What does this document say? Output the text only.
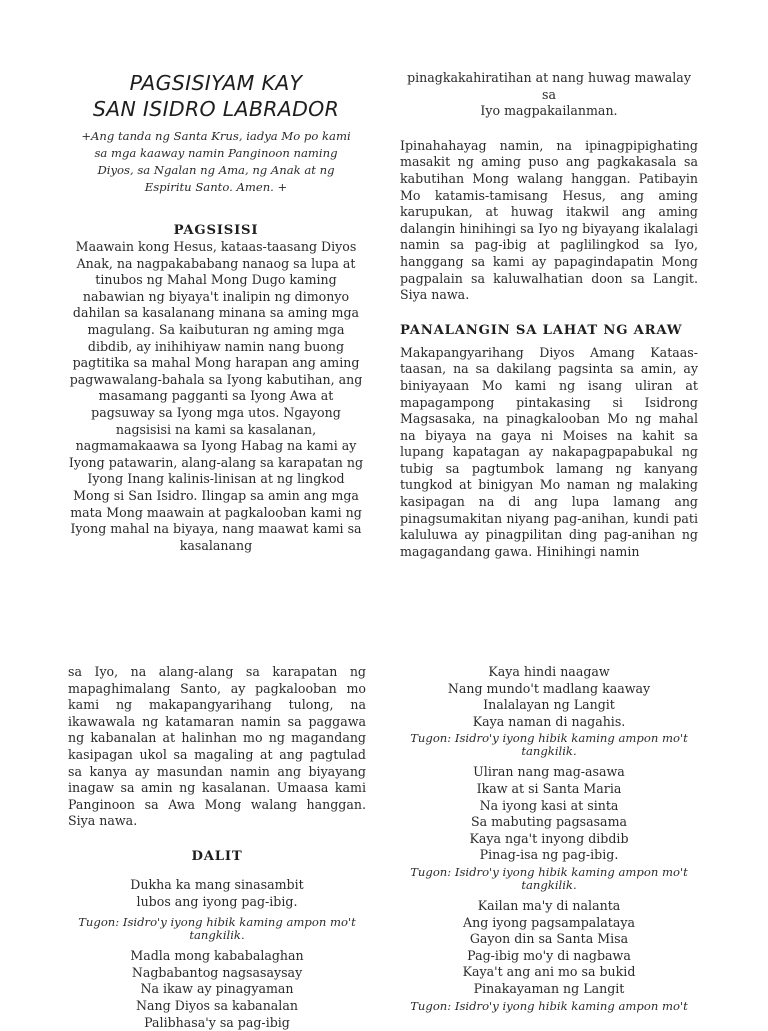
PAGSISIYAM KAY

SAN ISIDRO LABRADOR

+Ang tanda ng Santa Krus, iadya Mo po kami sa mga kaaway namin Panginoon naming Diyos, sa Ngalan ng Ama, ng Anak at ng Espiritu Santo. Amen. +

PAGSISISI

Maawain kong Hesus, kataas-taasang Diyos Anak, na nagpakababang nanaog sa lupa at tinubos ng Mahal Mong Dugo kaming nabawian ng biyaya't inalipin ng dimonyo dahilan sa kasalanang minana sa aming mga magulang. Sa kaibuturan ng aming mga dibdib, ay inihihiyaw namin nang buong pagtitika sa mahal Mong harapan ang aming pagwawalang-bahala sa Iyong kabutihan, ang masamang pagganti sa Iyong Awa at pagsuway sa Iyong mga utos. Ngayong nagsisisi na kami sa kasalanan, nagmamakaawa sa Iyong Habag na kami ay Iyong patawarin, alang-alang sa karapatan ng Iyong Inang kalinis-linisan at ng lingkod Mong si San Isidro. Ilingap sa amin ang mga mata Mong maawain at pagkalooban kami ng Iyong mahal na biyaya, nang maawat kami sa kasalanang

pinagkakahiratihan at nang huwag mawalay sa

Iyo magpakailanman.

Ipinahahayag namin, na ipinagpipighating masakit ng aming puso ang pagkakasala sa kabutihan Mong walang hanggan. Patibayin Mo katamis-tamisang Hesus, ang aming karupukan, at huwag itakwil ang aming dalangin hinihingi sa Iyo ng biyayang ikalalagi namin sa pag-ibig at paglilingkod sa Iyo, hanggang sa kami ay papagindapatin Mong pagpalain sa kaluwalhatian doon sa Langit. Siya nawa.

PANALANGIN SA LAHAT NG ARAW

Makapangyarihang Diyos Amang Kataas-taasan, na sa dakilang pagsinta sa amin, ay biniyayaan Mo kami ng isang uliran at mapagampong pintakasing si Isidrong Magsasaka, na pinagkalooban Mo ng mahal na biyaya na gaya ni Moises na kahit sa lupang kapatagan ay nakapagpapabukal ng tubig sa pagtumbok lamang ng kanyang tungkod at binigyan Mo naman ng malaking kasipagan na di ang lupa lamang ang pinagsumakitan niyang pag-anihan, kundi pati kaluluwa ay pinagpilitan ding pag-anihan ng magagandang gawa. Hinihingi namin

sa Iyo, na alang-alang sa karapatan ng mapaghimalang Santo, ay pagkalooban mo kami ng makapangyarihang tulong, na ikawawala ng katamaran namin sa paggawa ng kabanalan at halinhan mo ng magandang kasipagan ukol sa magaling at ang pagtulad sa kanya ay masundan namin ang biyayang inagaw sa amin ng kasalanan. Umaasa kami Panginoon sa Awa Mong walang hanggan. Siya nawa.

DALIT

Dukha ka mang sinasambit
lubos ang iyong pag-ibig.
Tugon: Isidro'y iyong hibik kaming ampon mo't
tangkilik.
Madla mong kababalaghan
Nagbabantog nagsasaysay
Na ikaw ay pinagyaman
Nang Diyos sa kabanalan
Palibhasa'y sa pag-ibig
Kaya hindi naagaw
Nang mundo't madlang kaaway
Inalalayan ng Langit
Kaya naman di nagahis.
Tugon: Isidro'y iyong hibik kaming ampon mo't
tangkilik.
Uliran nang mag-asawa
Ikaw at si Santa Maria
Na iyong kasi at sinta
Sa mabuting pagsasama
Kaya nga't inyong dibdib
Pinag-isa ng pag-ibig.
Tugon: Isidro'y iyong hibik kaming ampon mo't
tangkilik.
Kailan ma'y di nalanta
Ang iyong pagsampalataya
Gayon din sa Santa Misa
Pag-ibig mo'y di nagbawa
Kaya't ang ani mo sa bukid
Pinakayaman ng Langit
Tugon: Isidro'y iyong hibik kaming ampon mo't
